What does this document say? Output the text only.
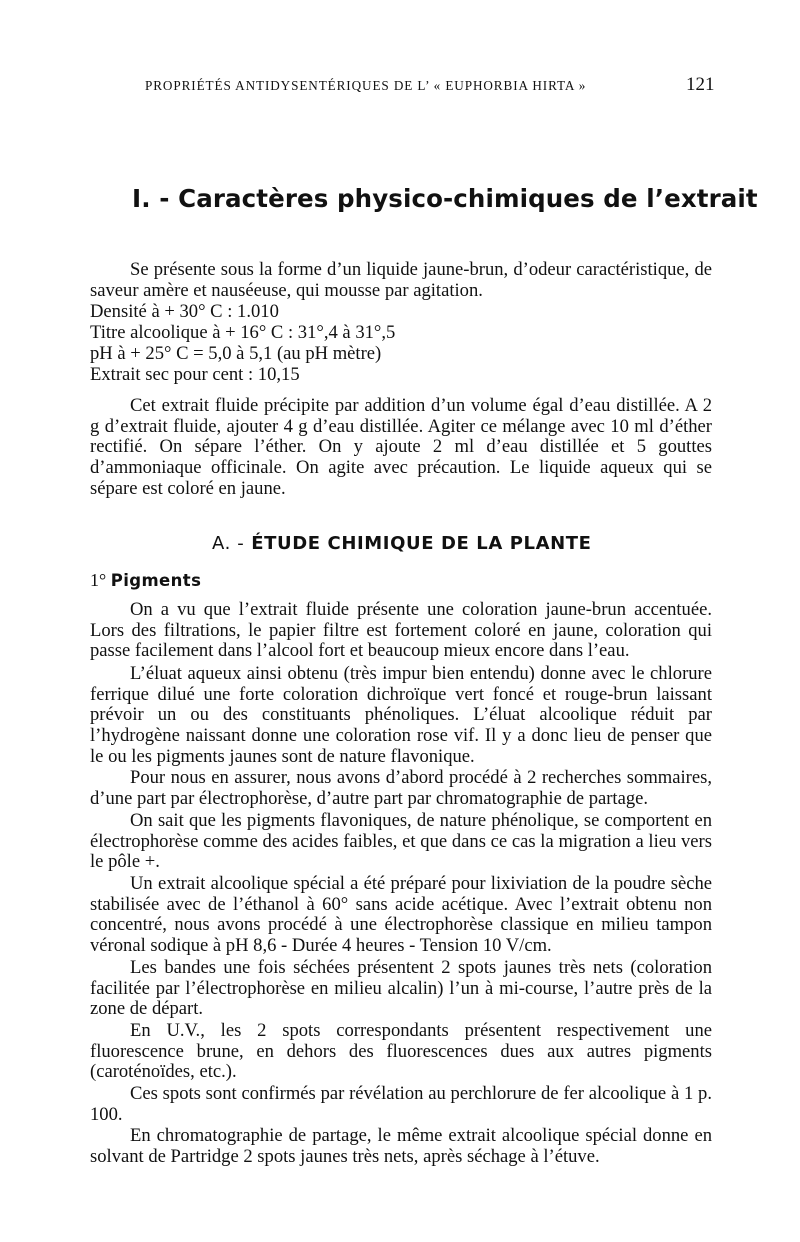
PROPRIÉTÉS ANTIDYSENTÉRIQUES DE L’ « EUPHORBIA HIRTA »	121
I. - Caractères physico-chimiques de l’extrait

Se présente sous la forme d’un liquide jaune-brun, d’odeur caractéristique, de saveur amère et nauséeuse, qui mousse par agitation.

Densité à + 30° C : 1.010

Titre alcoolique à + 16° C : 31°,4 à 31°,5

pH à + 25° C = 5,0 à 5,1 (au pH mètre)

Extrait sec pour cent : 10,15

Cet extrait fluide précipite par addition d’un volume égal d’eau distillée. A 2 g d’extrait fluide, ajouter 4 g d’eau distillée. Agiter ce mélange avec 10 ml d’éther rectifié. On sépare l’éther. On y ajoute 2 ml d’eau distillée et 5 gouttes d’ammoniaque officinale. On agite avec précaution. Le liquide aqueux qui se sépare est coloré en jaune.

A. - ÉTUDE CHIMIQUE DE LA PLANTE
1° Pigments

On a vu que l’extrait fluide présente une coloration jaune-brun accentuée. Lors des filtrations, le papier filtre est fortement coloré en jaune, coloration qui passe facilement dans l’alcool fort et beaucoup mieux encore dans l’eau.

L’éluat aqueux ainsi obtenu (très impur bien entendu) donne avec le chlorure ferrique dilué une forte coloration dichroïque vert foncé et rouge-brun laissant prévoir un ou des constituants phénoliques. L’éluat alcoolique réduit par l’hydrogène naissant donne une coloration rose vif. Il y a donc lieu de penser que le ou les pigments jaunes sont de nature flavonique.

Pour nous en assurer, nous avons d’abord procédé à 2 recherches sommaires, d’une part par électrophorèse, d’autre part par chromatographie de partage.

On sait que les pigments flavoniques, de nature phénolique, se comportent en électrophorèse comme des acides faibles, et que dans ce cas la migration a lieu vers le pôle +.

Un extrait alcoolique spécial a été préparé pour lixiviation de la poudre sèche stabilisée avec de l’éthanol à 60° sans acide acétique. Avec l’extrait obtenu non concentré, nous avons procédé à une électrophorèse classique en milieu tampon véronal sodique à pH 8,6 - Durée 4 heures - Tension 10 V/cm.

Les bandes une fois séchées présentent 2 spots jaunes très nets (coloration facilitée par l’électrophorèse en milieu alcalin) l’un à mi-course, l’autre près de la zone de départ.

En U.V., les 2 spots correspondants présentent respectivement une fluorescence brune, en dehors des fluorescences dues aux autres pigments (caroténoïdes, etc.).

Ces spots sont confirmés par révélation au perchlorure de fer alcoolique à 1 p. 100.

En chromatographie de partage, le même extrait alcoolique spécial donne en solvant de Partridge 2 spots jaunes très nets, après séchage à l’étuve.
